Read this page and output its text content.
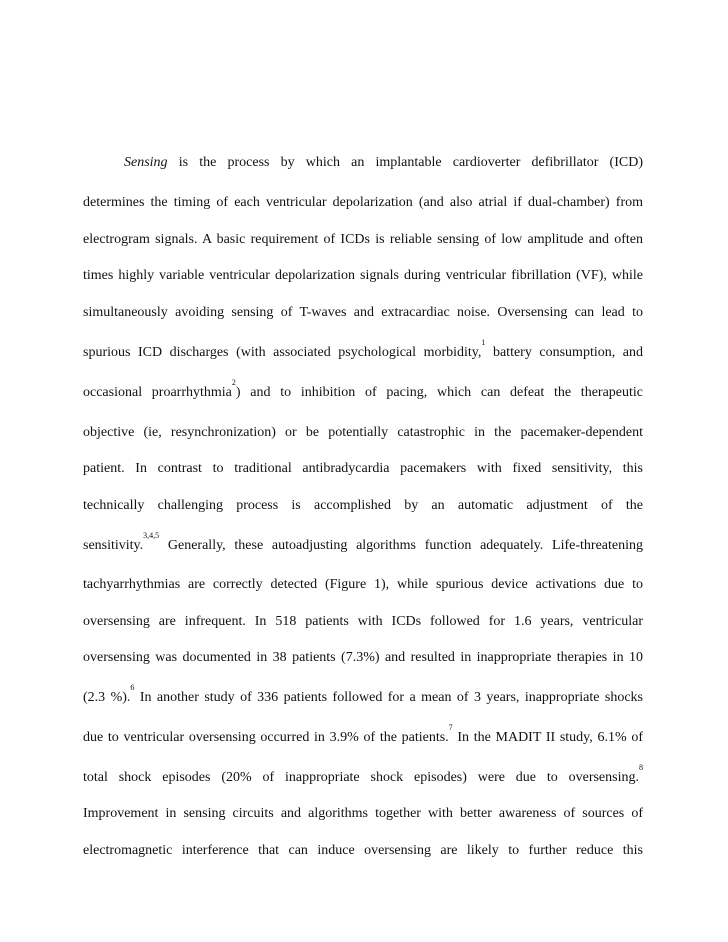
Sensing is the process by which an implantable cardioverter defibrillator (ICD)
determines the timing of each ventricular depolarization (and also atrial if dual-chamber) from
electrogram signals. A basic requirement of ICDs is reliable sensing of low amplitude and often
times highly variable ventricular depolarization signals during ventricular fibrillation (VF), while
simultaneously avoiding sensing of T-waves and extracardiac noise. Oversensing can lead to
spurious ICD discharges (with associated psychological morbidity,$^1$ battery consumption, and
occasional proarrhythmia$^2$) and to inhibition of pacing, which can defeat the therapeutic
objective (ie, resynchronization) or be potentially catastrophic in the pacemaker-dependent
patient. In contrast to traditional antibradycardia pacemakers with fixed sensitivity, this
technically challenging process is accomplished by an automatic adjustment of the
sensitivity.$^{3,4,5}$ Generally, these autoadjusting algorithms function adequately. Life-threatening
tachyarrhythmias are correctly detected (Figure 1), while spurious device activations due to
oversensing are infrequent. In 518 patients with ICDs followed for 1.6 years, ventricular
oversensing was documented in 38 patients (7.3%) and resulted in inappropriate therapies in 10
(2.3 %).$^6$ In another study of 336 patients followed for a mean of 3 years, inappropriate shocks
due to ventricular oversensing occurred in 3.9% of the patients.$^7$ In the MADIT II study, 6.1% of
total shock episodes (20% of inappropriate shock episodes) were due to oversensing.$^8$
Improvement in sensing circuits and algorithms together with better awareness of sources of
electromagnetic interference that can induce oversensing are likely to further reduce this
